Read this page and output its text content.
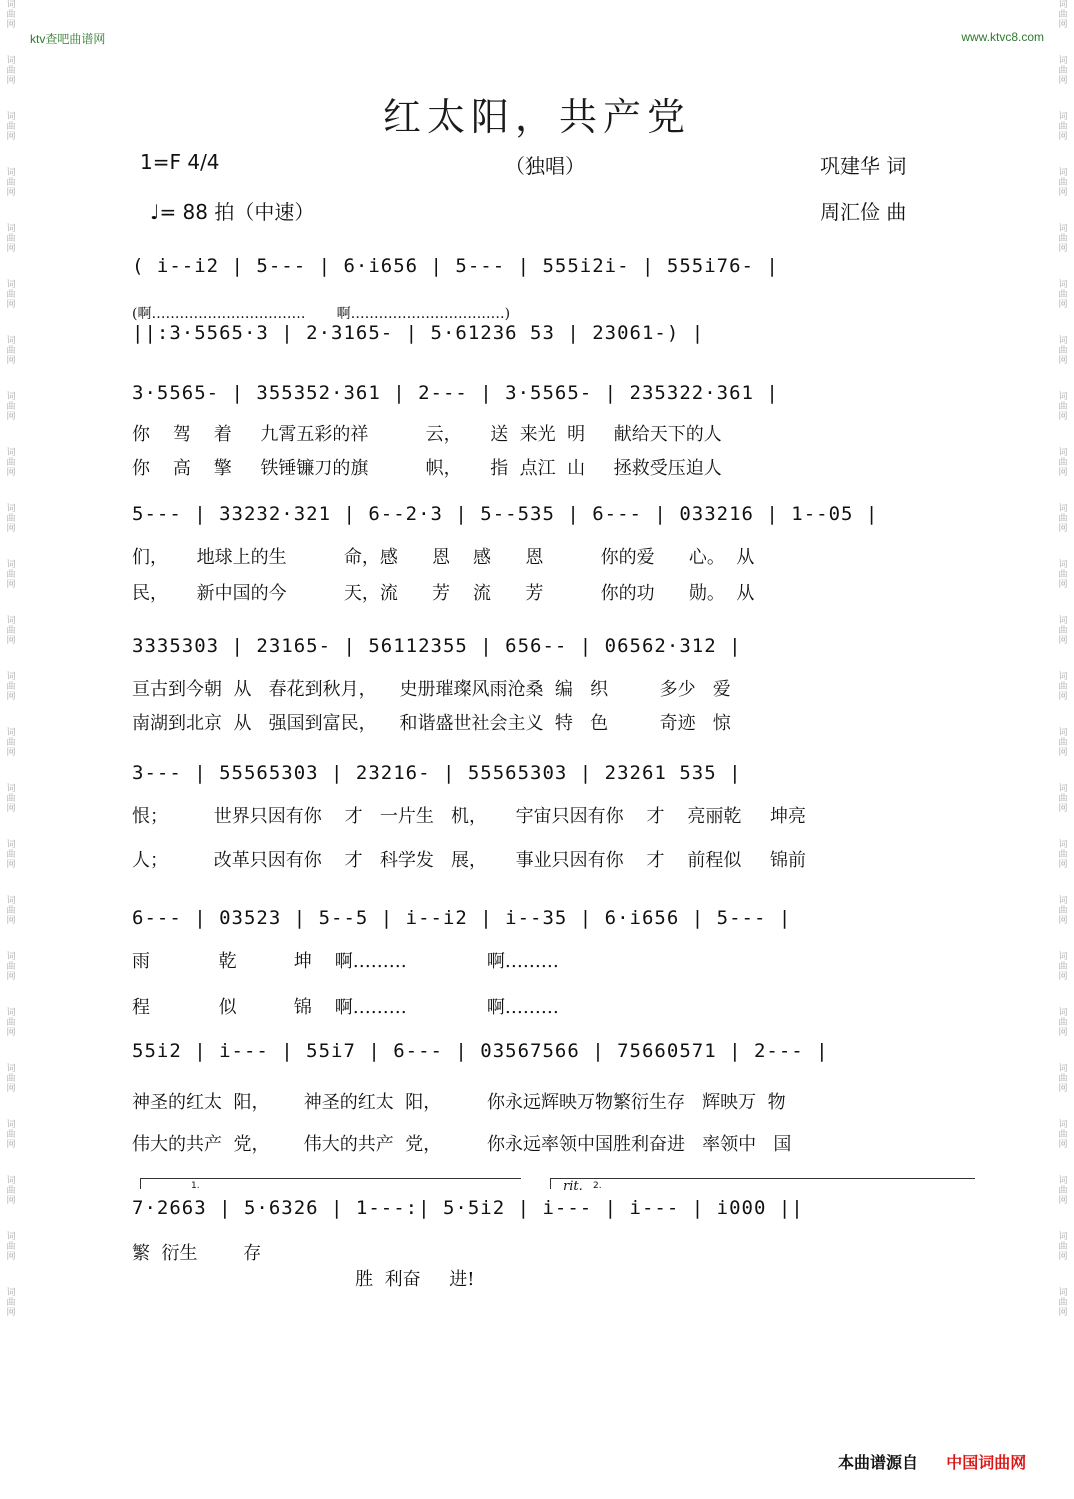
ktv查吧曲谱网	www.ktvc8.com
词
曲
网
词
曲
网
词
曲
网
词
曲
网
词
曲
网
词
曲
网
词
曲
网
词
曲
网
词
曲
网
词
曲
网
词
曲
网
词
曲
网
词
曲
网
词
曲
网
词
曲
网
词
曲
网
词
曲
网
词
曲
网
词
曲
网
词
曲
网
词
曲
网
词
曲
网
词
曲
网
词
曲
网
词
曲
网
词
曲
网
词
曲
网
词
曲
网
词
曲
网
词
曲
网
词
曲
网
词
曲
网
词
曲
网
词
曲
网
词
曲
网
词
曲
网
词
曲
网
词
曲
网
词
曲
网
词
曲
网
词
曲
网
词
曲
网
词
曲
网
词
曲
网
词
曲
网
词
曲
网
词
曲
网
词
曲
网
红太阳，共产党
1=F 4/4	（独唱）	巩建华 词
♩= 88 拍（中速）	周汇俭 曲
( i--i2 | 5--- | 6·i656 | 5--- | 555i2i- | 555i76- |
(啊……………………………       啊……………………………)
||:3·5565·3 | 2·3165- | 5·61236 53 | 23061-) |
3·5565- | 355352·361 | 2--- | 3·5565- | 235322·361 |
你    驾    着     九霄五彩的祥          云，     送  来光  明     献给天下的人
你    高    擎     铁锤镰刀的旗          帜，     指  点江  山     拯救受压迫人
5--- | 33232·321 | 6--2·3 | 5--535 | 6--- | 033216 | 1--05 |
们，     地球上的生          命，感      恩    感      恩          你的爱      心。  从
民，     新中国的今          天，流      芳    流      芳          你的功      勋。  从
3335303 | 23165- | 56112355 | 656-- | 06562·312 |
亘古到今朝  从   春花到秋月，    史册璀璨风雨沧桑  编   织         多少   爱
南湖到北京  从   强国到富民，    和谐盛世社会主义  特   色         奇迹   惊
3--- | 55565303 | 23216- | 55565303 | 23261 535 |
恨；        世界只因有你    才   一片生   机，     宇宙只因有你    才    亮丽乾     坤亮
人；        改革只因有你    才   科学发   展，     事业只因有你    才    前程似     锦前
6--- | 03523 | 5--5 | i--i2 | i--35 | 6·i656 | 5--- |
雨            乾          坤    啊………              啊………
程            似          锦    啊………              啊………
55i2 | i--- | 55i7 | 6--- | 03567566 | 75660571 | 2--- |
神圣的红太  阳，      神圣的红太  阳，        你永远辉映万物繁衍生存   辉映万  物
伟大的共产  党，      伟大的共产  党，        你永远率领中国胜利奋进   率领中   国
7·2663 | 5·6326 | 1---:| 5·5i2 | i--- | i--- | i000 ||
繁  衍生        存
胜  利奋     进!
1.	rit. 2.
本曲谱源自 中国词曲网
